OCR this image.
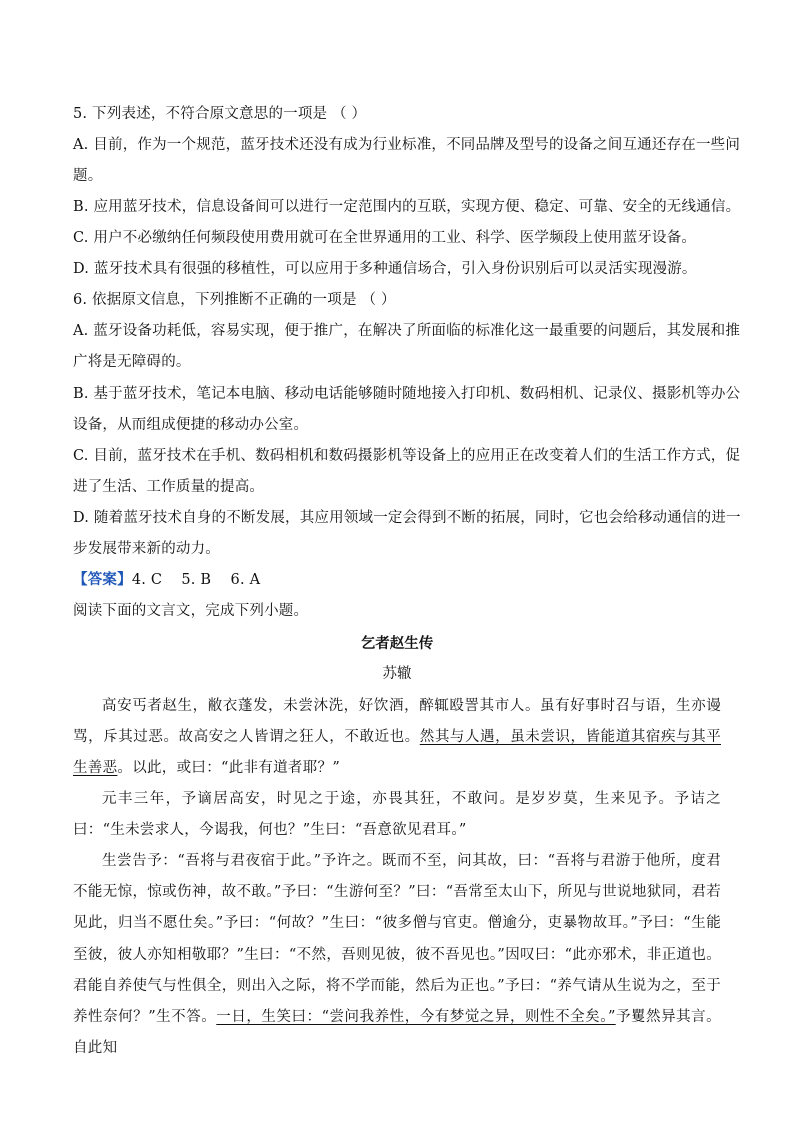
5. 下列表述，不符合原文意思的一项是 （ ）
A. 目前，作为一个规范，蓝牙技术还没有成为行业标准，不同品牌及型号的设备之间互通还存在一些问
题。
B. 应用蓝牙技术，信息设备间可以进行一定范围内的互联，实现方便、稳定、可靠、安全的无线通信。
C. 用户不必缴纳任何频段使用费用就可在全世界通用的工业、科学、医学频段上使用蓝牙设备。
D. 蓝牙技术具有很强的移植性，可以应用于多种通信场合，引入身份识别后可以灵活实现漫游。
6. 依据原文信息，下列推断不正确的一项是 （ ）
A. 蓝牙设备功耗低，容易实现，便于推广，在解决了所面临的标准化这一最重要的问题后，其发展和推
广将是无障碍的。
B. 基于蓝牙技术，笔记本电脑、移动电话能够随时随地接入打印机、数码相机、记录仪、摄影机等办公
设备，从而组成便捷的移动办公室。
C. 目前，蓝牙技术在手机、数码相机和数码摄影机等设备上的应用正在改变着人们的生活工作方式，促
进了生活、工作质量的提高。
D. 随着蓝牙技术自身的不断发展，其应用领域一定会得到不断的拓展，同时，它也会给移动通信的进一
步发展带来新的动力。
【答案】4. C    5. B    6. A
阅读下面的文言文，完成下列小题。
乞者赵生传
苏辙
高安丐者赵生，敝衣蓬发，未尝沐洗，好饮酒，醉辄殴詈其市人。虽有好事时召与语，生亦谩骂，斥其过恶。故高安之人皆谓之狂人，不敢近也。然其与人遇，虽未尝识，皆能道其宿疾与其平生善恶。以此，或曰：“此非有道者耶？”
元丰三年，予谪居高安，时见之于途，亦畏其狂，不敢问。是岁岁莫，生来见予。予诘之曰：“生未尝求人，今谒我，何也？”生曰：“吾意欲见君耳。”
生尝告予：“吾将与君夜宿于此。”予许之。既而不至，问其故，曰：“吾将与君游于他所，度君不能无惊，惊或伤神，故不敢。”予曰：“生游何至？”曰：“吾常至太山下，所见与世说地狱同，君若见此，归当不愿仕矣。”予曰：“何故？”生曰：“彼多僧与官吏。僧逾分，吏暴物故耳。”予曰：“生能至彼，彼人亦知相敬耶？”生曰：“不然，吾则见彼，彼不吾见也。”因叹曰：“此亦邪术，非正道也。君能自养使气与性俱全，则出入之际，将不学而能，然后为正也。”予曰：“养气请从生说为之，至于养性奈何？”生不答。一日，生笑曰：“尝问我养性，今有梦觉之异，则性不全矣。”予矍然异其言。自此知
